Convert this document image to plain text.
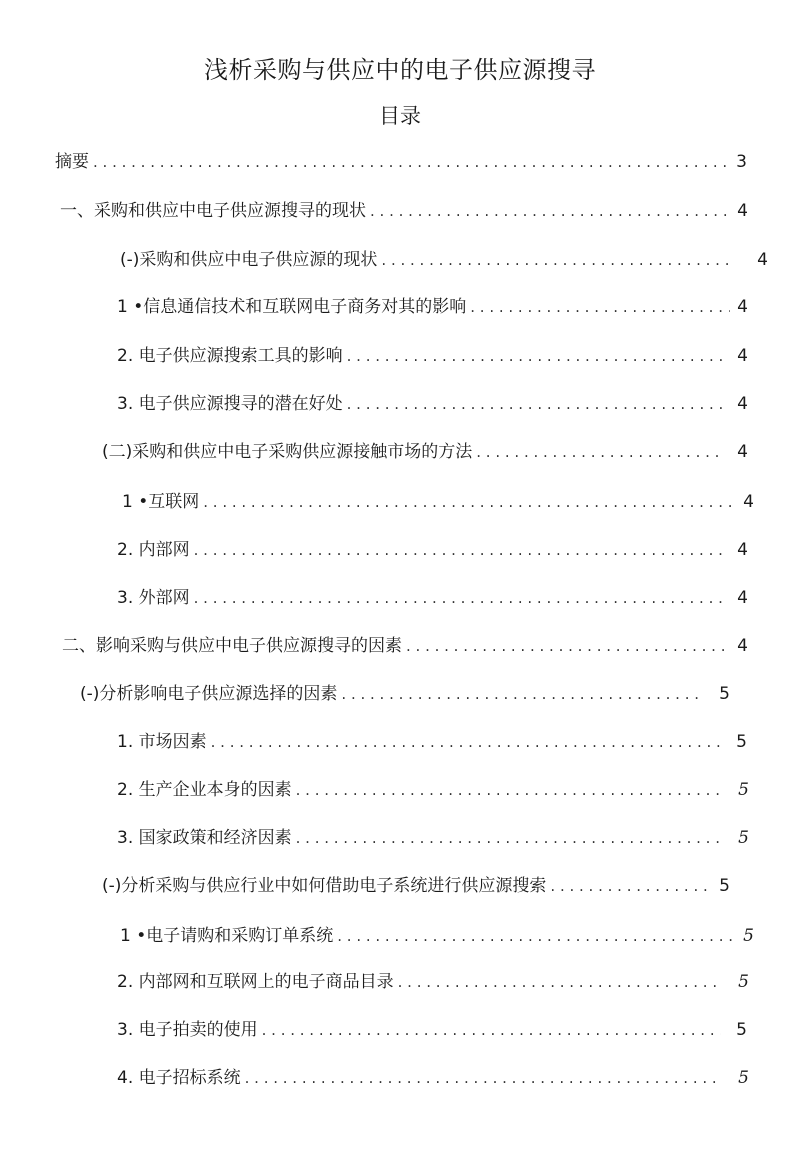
浅析采购与供应中的电子供应源搜寻
目录
摘要 . . .	3
一、采购和供应中电子供应源搜寻的现状 . . .	4
(-)采购和供应中电子供应源的现状 . . .	4
1 •信息通信技术和互联网电子商务对其的影响 . . .	4
2. 电子供应源搜索工具的影响 . . .	4
3. 电子供应源搜寻的潜在好处 . . .	4
(二)采购和供应中电子采购供应源接触市场的方法 . . .	4
1 •互联网 . . .	4
2. 内部网 . . .	4
3. 外部网 . . .	4
二、影响采购与供应中电子供应源搜寻的因素 . . .	4
(-)分析影响电子供应源选择的因素 . . .	5
1. 市场因素 . . .	5
2. 生产企业本身的因素 . . .	5
3. 国家政策和经济因素 . . .	5
(-)分析采购与供应行业中如何借助电子系统进行供应源搜索 . . .	5
1 •电子请购和采购订单系统 . . .	5
2. 内部网和互联网上的电子商品目录 . . .	5
3. 电子拍卖的使用 . . .	5
4. 电子招标系统 . . .	5
